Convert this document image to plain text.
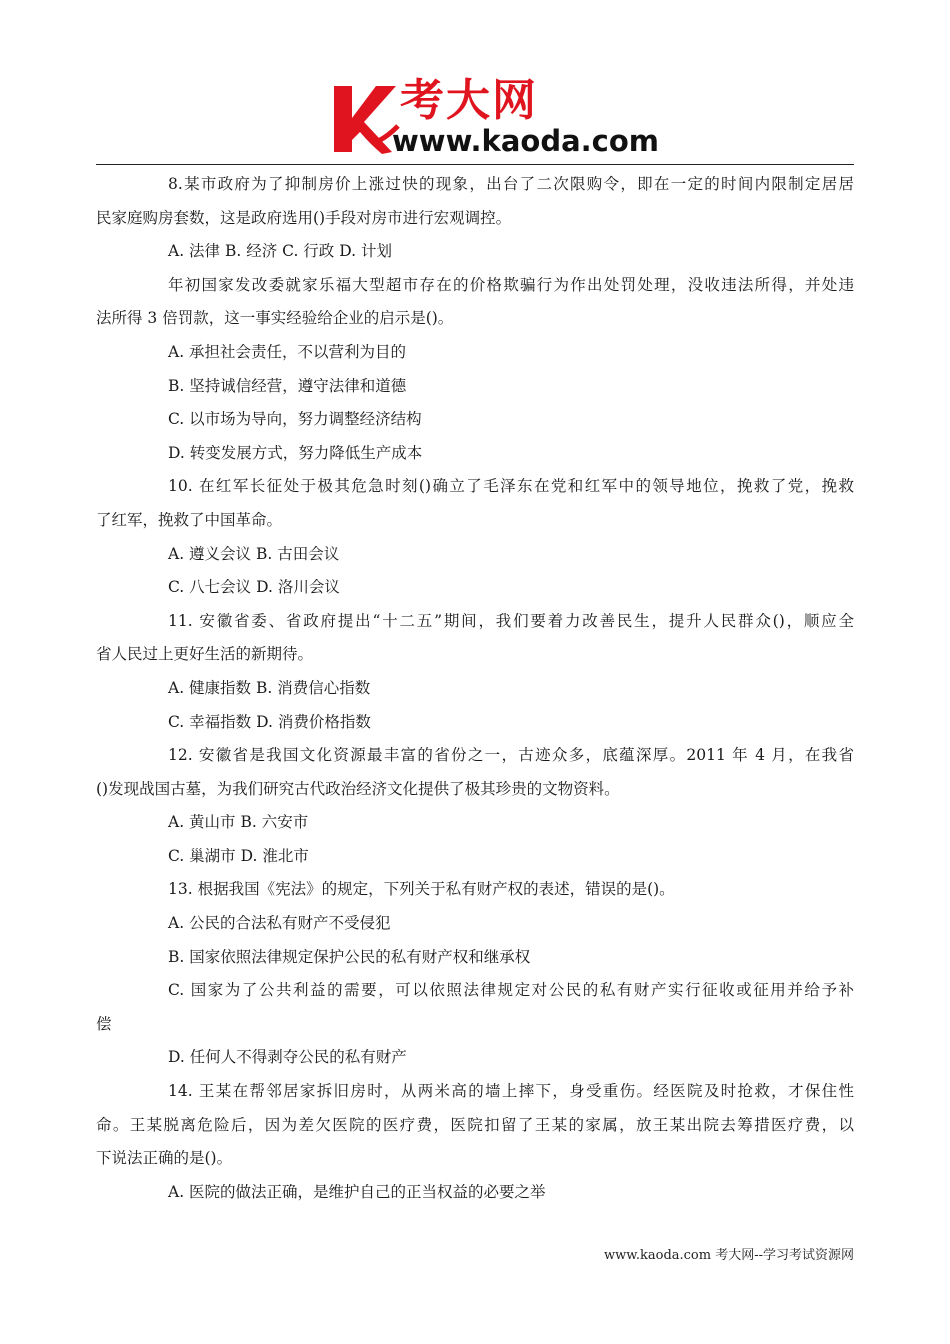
考大网
www.kaoda.com
8.某市政府为了抑制房价上涨过快的现象，出台了二次限购令，即在一定的时间内限制定居居
民家庭购房套数，这是政府选用()手段对房市进行宏观调控。
A. 法律 B. 经济 C. 行政 D. 计划
年初国家发改委就家乐福大型超市存在的价格欺骗行为作出处罚处理，没收违法所得，并处违
法所得 3 倍罚款，这一事实经验给企业的启示是()。
A. 承担社会责任，不以营利为目的
B. 坚持诚信经营，遵守法律和道德
C. 以市场为导向，努力调整经济结构
D. 转变发展方式，努力降低生产成本
10. 在红军长征处于极其危急时刻()确立了毛泽东在党和红军中的领导地位，挽救了党，挽救
了红军，挽救了中国革命。
A. 遵义会议 B. 古田会议
C. 八七会议 D. 洛川会议
11. 安徽省委、省政府提出“十二五”期间，我们要着力改善民生，提升人民群众()，顺应全
省人民过上更好生活的新期待。
A. 健康指数 B. 消费信心指数
C. 幸福指数 D. 消费价格指数
12. 安徽省是我国文化资源最丰富的省份之一，古迹众多，底蕴深厚。2011 年 4 月，在我省
()发现战国古墓，为我们研究古代政治经济文化提供了极其珍贵的文物资料。
A. 黄山市 B. 六安市
C. 巢湖市 D. 淮北市
13. 根据我国《宪法》的规定，下列关于私有财产权的表述，错误的是()。
A. 公民的合法私有财产不受侵犯
B. 国家依照法律规定保护公民的私有财产权和继承权
C. 国家为了公共利益的需要，可以依照法律规定对公民的私有财产实行征收或征用并给予补
偿
D. 任何人不得剥夺公民的私有财产
14. 王某在帮邻居家拆旧房时，从两米高的墙上摔下，身受重伤。经医院及时抢救，才保住性
命。王某脱离危险后，因为差欠医院的医疗费，医院扣留了王某的家属，放王某出院去筹措医疗费，以
下说法正确的是()。
A. 医院的做法正确，是维护自己的正当权益的必要之举
www.kaoda.com 考大网--学习考试资源网
